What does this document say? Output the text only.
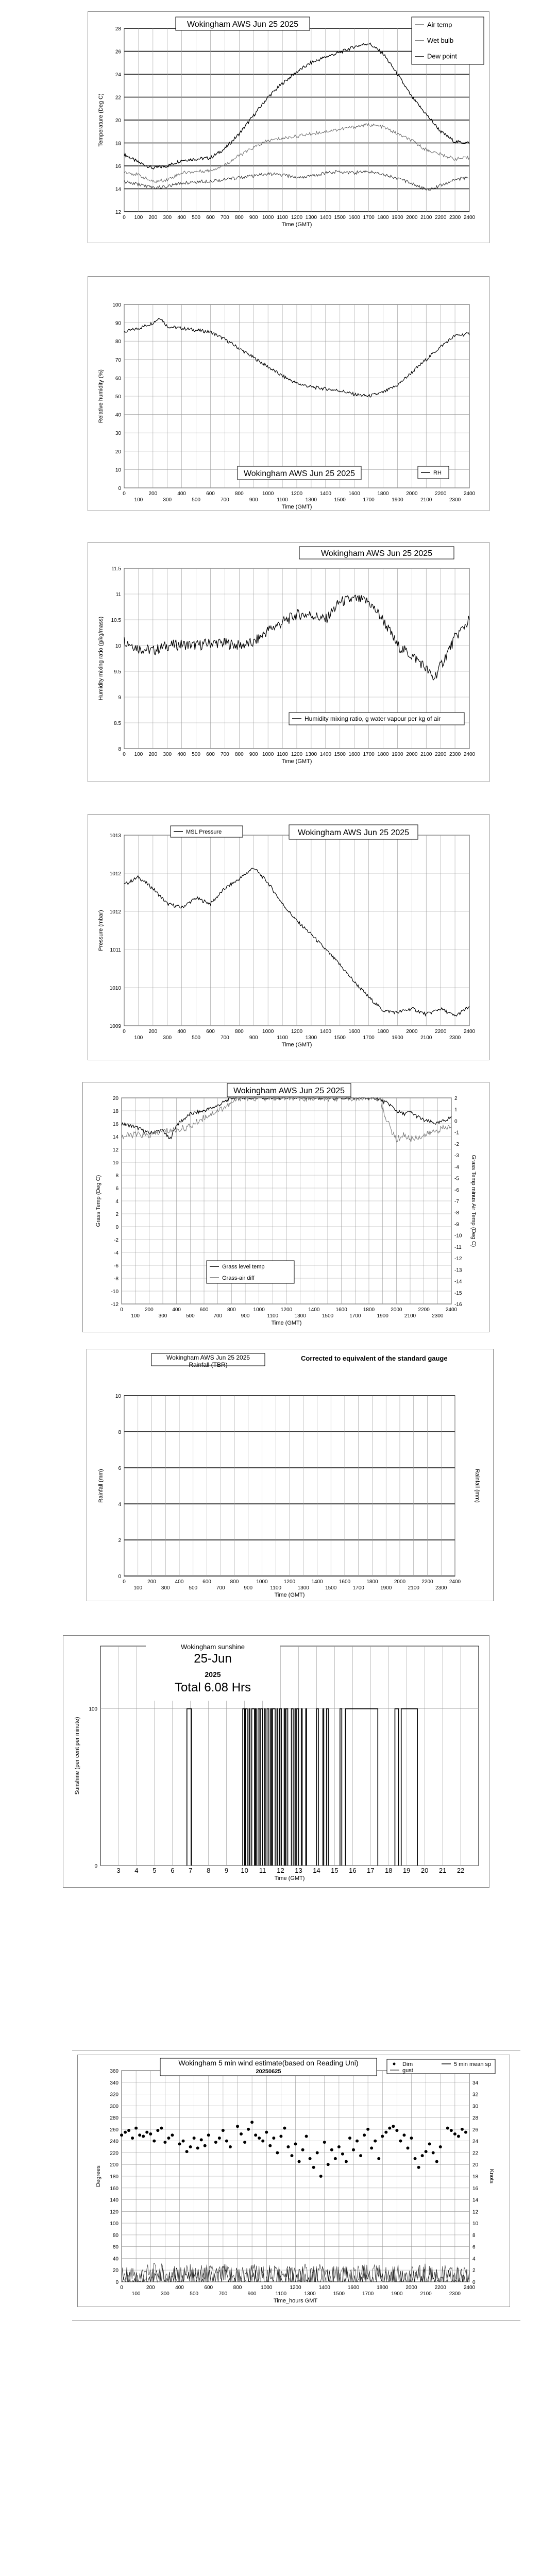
12
14
16
18
20
22
24
26
28
0 100 200 300 400 500 600 700 800 900 1000 1100 1200 1300 1400 1500 1600 1700 1800 1900 2000 2100 2200 2300 2400
Time (GMT)
Temperature (Deg C)
Wokingham AWS Jun 25 2025	Air temp
Wet bulb
Dew point
0
10
20
30
40
50
60
70
80
90
100
0	200	400	600	800	1000	1200	1400	1600	1800	2000	2200	2400
100	300	500	700	900	1100	1300	1500	1700	1900	2100	2300
Time (GMT)
Relative humidity (%)
Wokingham AWS Jun 25 2025	RH
8
8.5
9
9.5
10
10.5
11
11.5
0 100 200 300 400 500 600 700 800 900 1000 1100 1200 1300 1400 1500 1600 1700 1800 1900 2000 2100 2200 2300 2400
Time (GMT)
Humidity mixing ratio (g/kg/mass)
Wokingham AWS Jun 25 2025
Humidity mixing ratio, g water vapour per kg of air
1009
1010
1011
1012
1012
1013
0	200	400	600	800	1000	1200	1400	1600	1800	2000	2200	2400
100	300	500	700	900	1100	1300	1500	1700	1900	2100	2300
Time (GMT)
Pressure (mbar)
Wokingham AWS Jun 25 2025
MSL Pressure
20
18
16
14
12
10
8
6
4
2
0
-2
-4
-6
-8
-10
-12
2
1
0
-1
-2
-3
-4
-5
-6
-7
-8
-9
-10
-11
-12
-13
-14
-15
-16
0	200	400	600	800	1000	1200	1400	1600	1800	2000	2200	2400
100	300	500	700	900	1100	1300	1500	1700	1900	2100	2300
Time (GMT)
Grass Temp (Deg C)	Grass Temp minus Air Temp (Deg C)
Wokingham AWS Jun 25 2025
Grass level temp
Grass-air diff
0
2
4
6
8
10
0	200	400	600	800	1000	1200	1400	1600	1800	2000	2200	2400
100	300	500	700	900	1100	1300	1500	1700	1900	2100	2300
Time (GMT)
Rainfall (mm)	Rainfall (mm)
Wokingham AWS Jun 25 2025
Rainfall (TBR)
Corrected to equivalent of the standard gauge
0
100
3 4 5 6 7 8 9 10 11 12 13 14 15 16 17 18 19 20 21 22
Time (GMT)
Sunshine (per cent per minute)
Wokingham sunshine
25-Jun
2025
Total 6.08 Hrs
0
20
40
60
80
100
120
140
160
180
200
220
240
260
280
300
320
340
360
0
2
4
6
8
10
12
14
16
18
20
22
24
26
28
30
32
34
0	200	400	600	800	1000	1200	1400	1600	1800	2000	2200	2400
100	300	500	700	900	1100	1300	1500	1700	1900	2100	2300
Time_hours GMT
Degrees	Knots
Wokingham 5 min wind estimate(based on Reading Uni)
20250625
Dirn
gust
5 min mean sp
